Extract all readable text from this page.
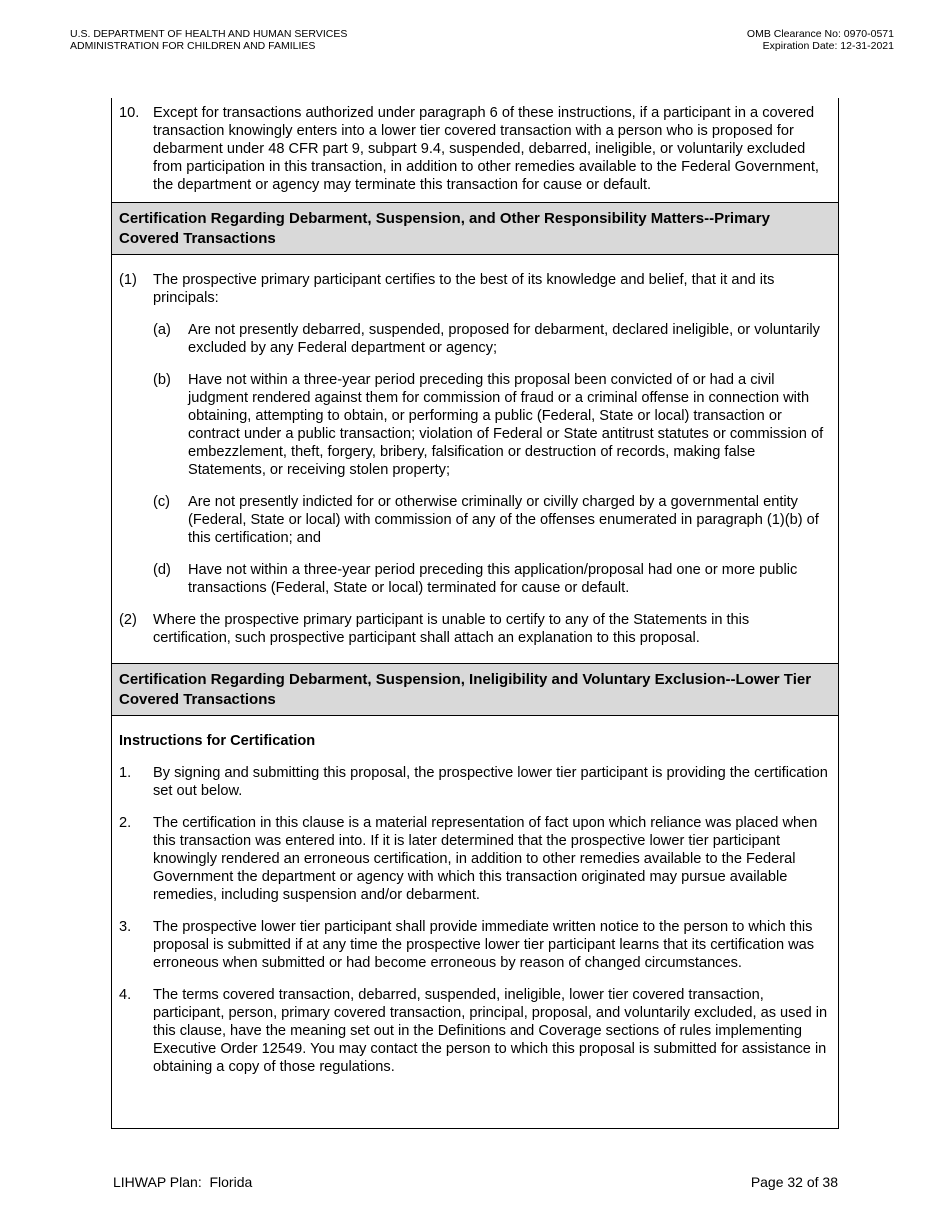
U.S. DEPARTMENT OF HEALTH AND HUMAN SERVICES
ADMINISTRATION FOR CHILDREN AND FAMILIES
OMB Clearance No: 0970-0571
Expiration Date: 12-31-2021
10. Except for transactions authorized under paragraph 6 of these instructions, if a participant in a covered transaction knowingly enters into a lower tier covered transaction with a person who is proposed for debarment under 48 CFR part 9, subpart 9.4, suspended, debarred, ineligible, or voluntarily excluded from participation in this transaction, in addition to other remedies available to the Federal Government, the department or agency may terminate this transaction for cause or default.
Certification Regarding Debarment, Suspension, and Other Responsibility Matters--Primary Covered Transactions
(1)	The prospective primary participant certifies to the best of its knowledge and belief, that it and its principals:
(a)	Are not presently debarred, suspended, proposed for debarment, declared ineligible, or voluntarily excluded by any Federal department or agency;
(b)	Have not within a three-year period preceding this proposal been convicted of or had a civil judgment rendered against them for commission of fraud or a criminal offense in connection with obtaining, attempting to obtain, or performing a public (Federal, State or local) transaction or contract under a public transaction; violation of Federal or State antitrust statutes or commission of embezzlement, theft, forgery, bribery, falsification or destruction of records, making false Statements, or receiving stolen property;
(c)	Are not presently indicted for or otherwise criminally or civilly charged by a governmental entity (Federal, State or local) with commission of any of the offenses enumerated in paragraph (1)(b) of this certification; and
(d)	Have not within a three-year period preceding this application/proposal had one or more public transactions (Federal, State or local) terminated for cause or default.
(2)	Where the prospective primary participant is unable to certify to any of the Statements in this certification, such prospective participant shall attach an explanation to this proposal.
Certification Regarding Debarment, Suspension, Ineligibility and Voluntary Exclusion--Lower Tier Covered Transactions
Instructions for Certification
1.	By signing and submitting this proposal, the prospective lower tier participant is providing the certification set out below.
2.	The certification in this clause is a material representation of fact upon which reliance was placed when this transaction was entered into. If it is later determined that the prospective lower tier participant knowingly rendered an erroneous certification, in addition to other remedies available to the Federal Government the department or agency with which this transaction originated may pursue available remedies, including suspension and/or debarment.
3.	The prospective lower tier participant shall provide immediate written notice to the person to which this proposal is submitted if at any time the prospective lower tier participant learns that its certification was erroneous when submitted or had become erroneous by reason of changed circumstances.
4.	The terms covered transaction, debarred, suspended, ineligible, lower tier covered transaction, participant, person, primary covered transaction, principal, proposal, and voluntarily excluded, as used in this clause, have the meaning set out in the Definitions and Coverage sections of rules implementing Executive Order 12549. You may contact the person to which this proposal is submitted for assistance in obtaining a copy of those regulations.
LIHWAP Plan:  Florida	Page 32 of 38
